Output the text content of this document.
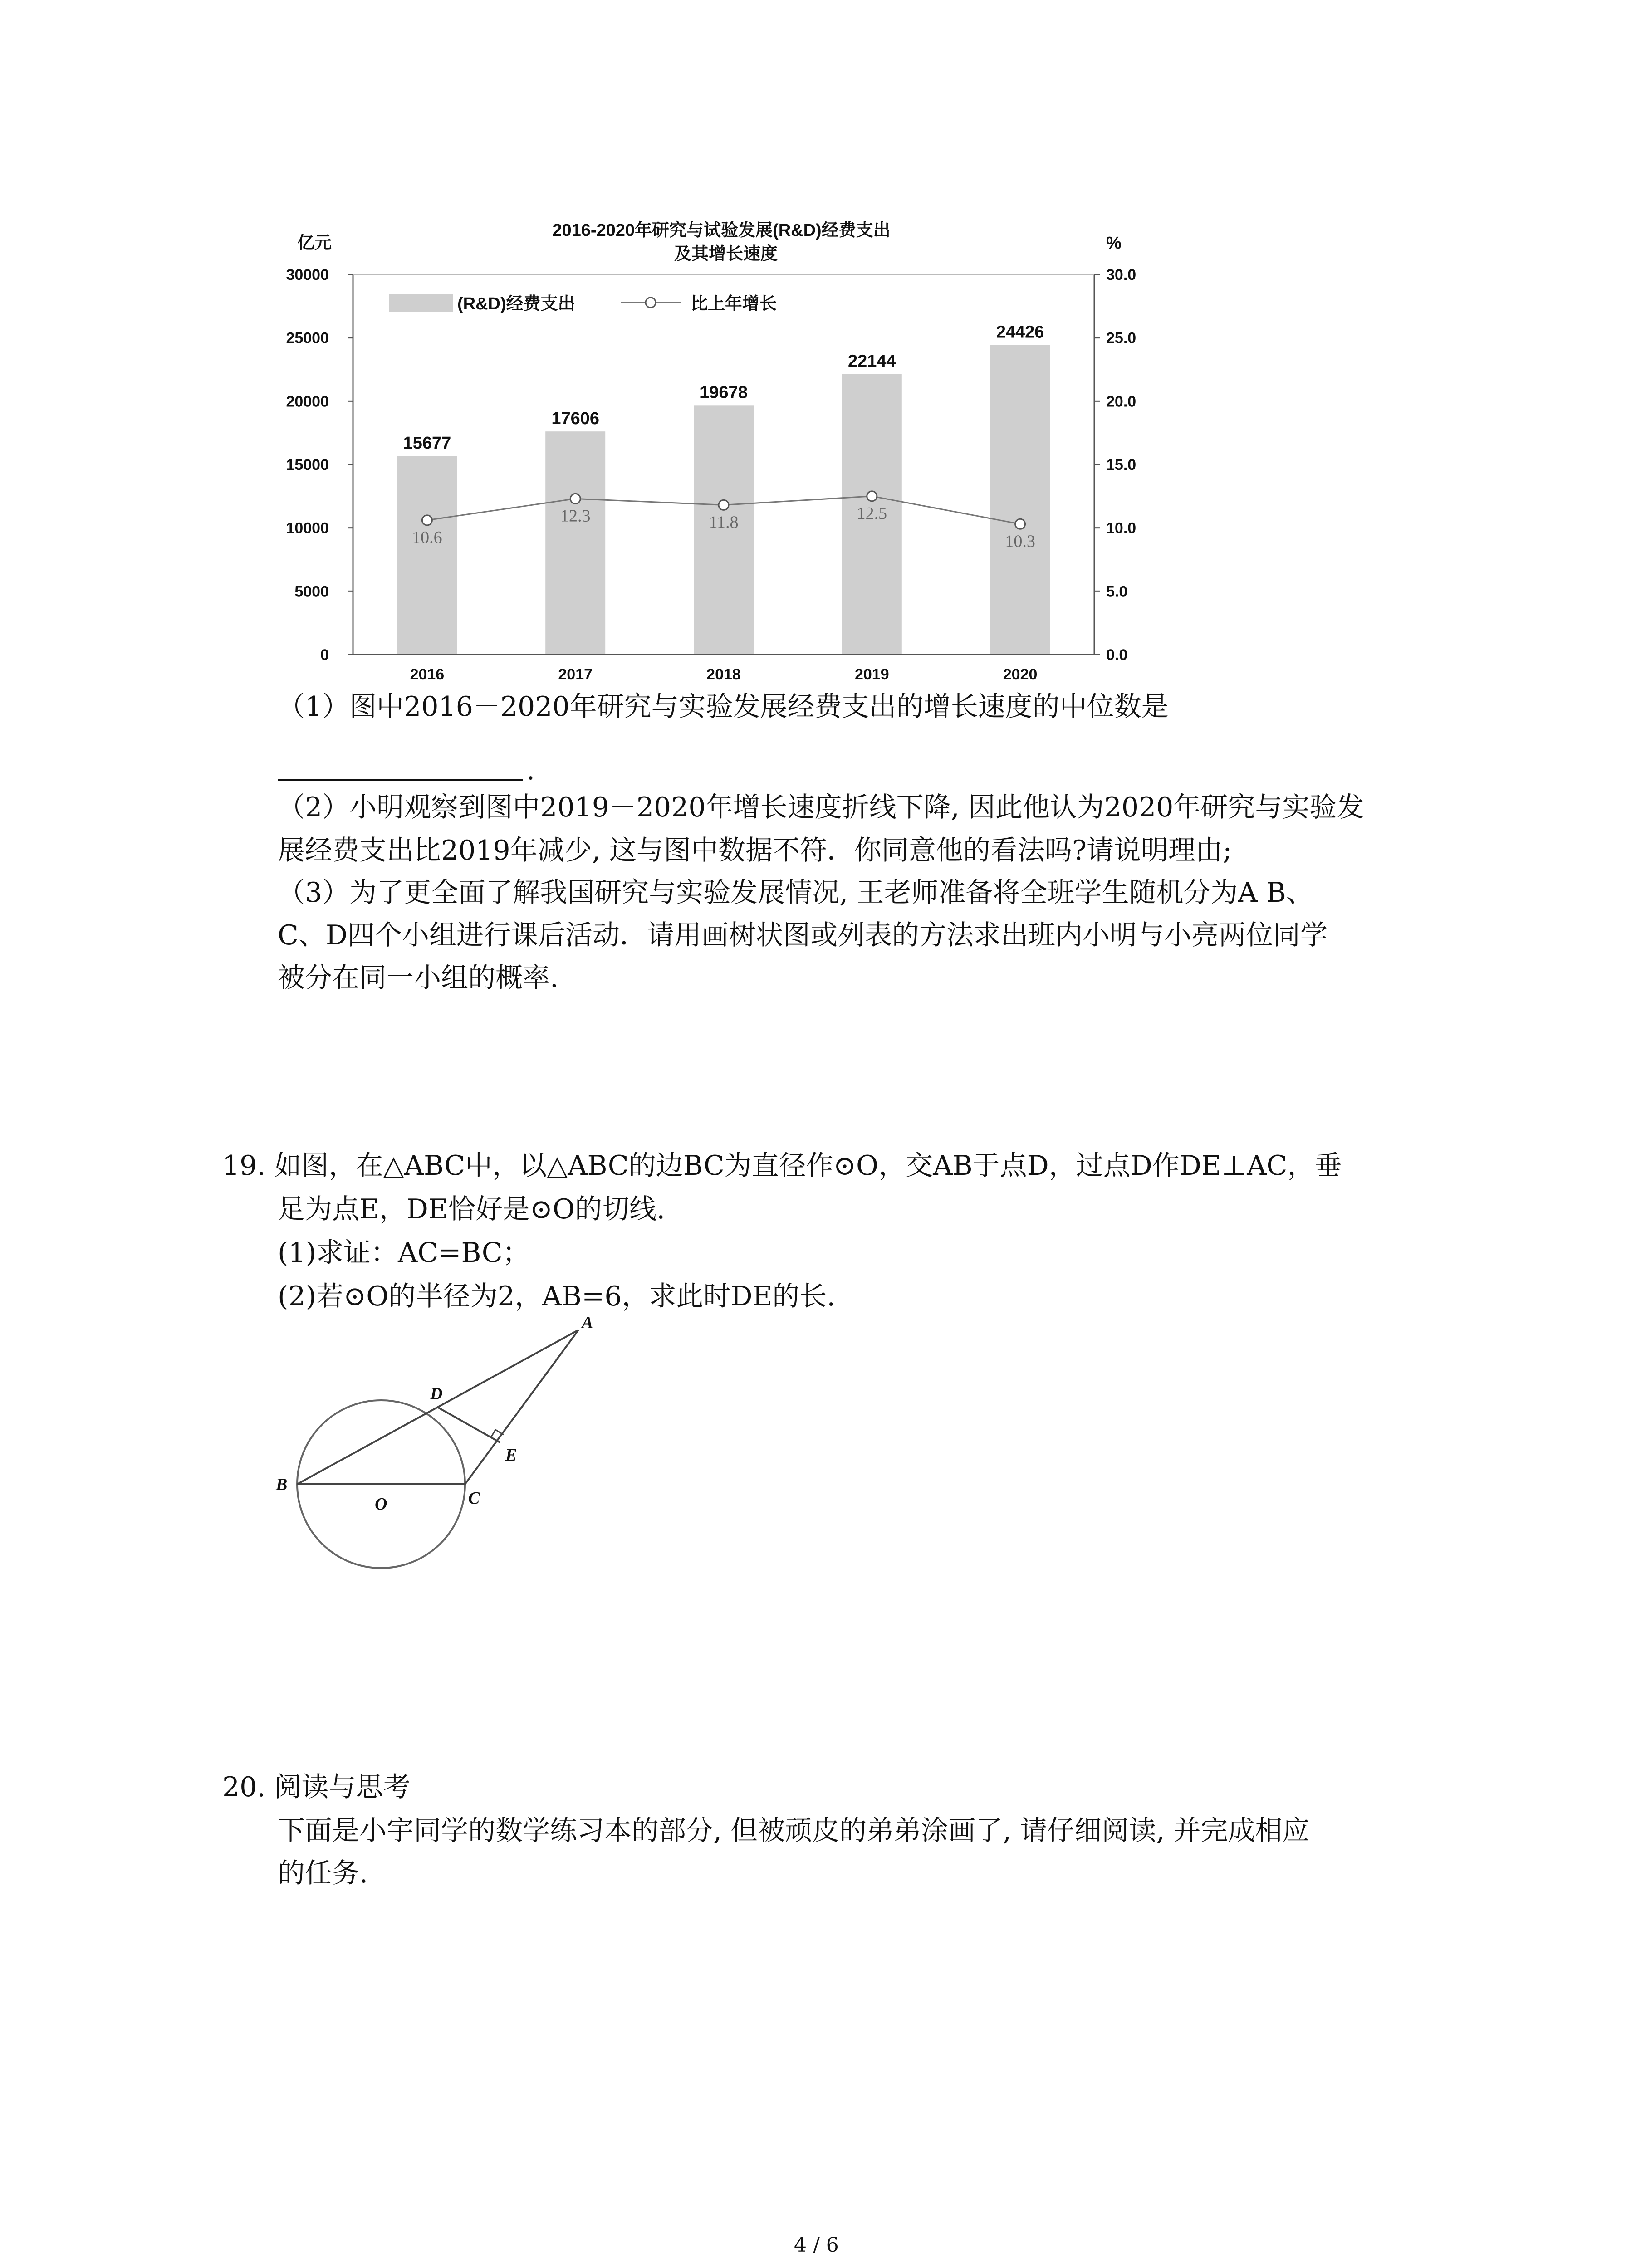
2016-2020年研究与试验发展(R&D)经费支出
及其增长速度
亿元	%
0
5000
10000
15000
20000
25000
30000
0.0
5.0
10.0
15.0
20.0
25.0
30.0
15677
17606
19678
22144
24426
2016	2017	2018	2019	2020
10.6
12.3	11.8	12.5
10.3
(R&D)经费支出	比上年增长
（1）图中2016－2020年研究与实验发展经费支出的增长速度的中位数是
.
（2）小明观察到图中2019－2020年增长速度折线下降, 因此他认为2020年研究与实验发
展经费支出比2019年减少, 这与图中数据不符．你同意他的看法吗?请说明理由;
（3）为了更全面了解我国研究与实验发展情况, 王老师准备将全班学生随机分为A B、
C、D四个小组进行课后活动．请用画树状图或列表的方法求出班内小明与小亮两位同学
被分在同一小组的概率.
19. 如图，在△ABC中，以△ABC的边BC为直径作⊙O，交AB于点D，过点D作DE⊥AC，垂
足为点E，DE恰好是⊙O的切线.
(1)求证：AC=BC；
(2)若⊙O的半径为2，AB=6，求此时DE的长.
A
B
C
D
E
O
20. 阅读与思考
下面是小宇同学的数学练习本的部分, 但被顽皮的弟弟涂画了, 请仔细阅读, 并完成相应
的任务.
4 / 6
